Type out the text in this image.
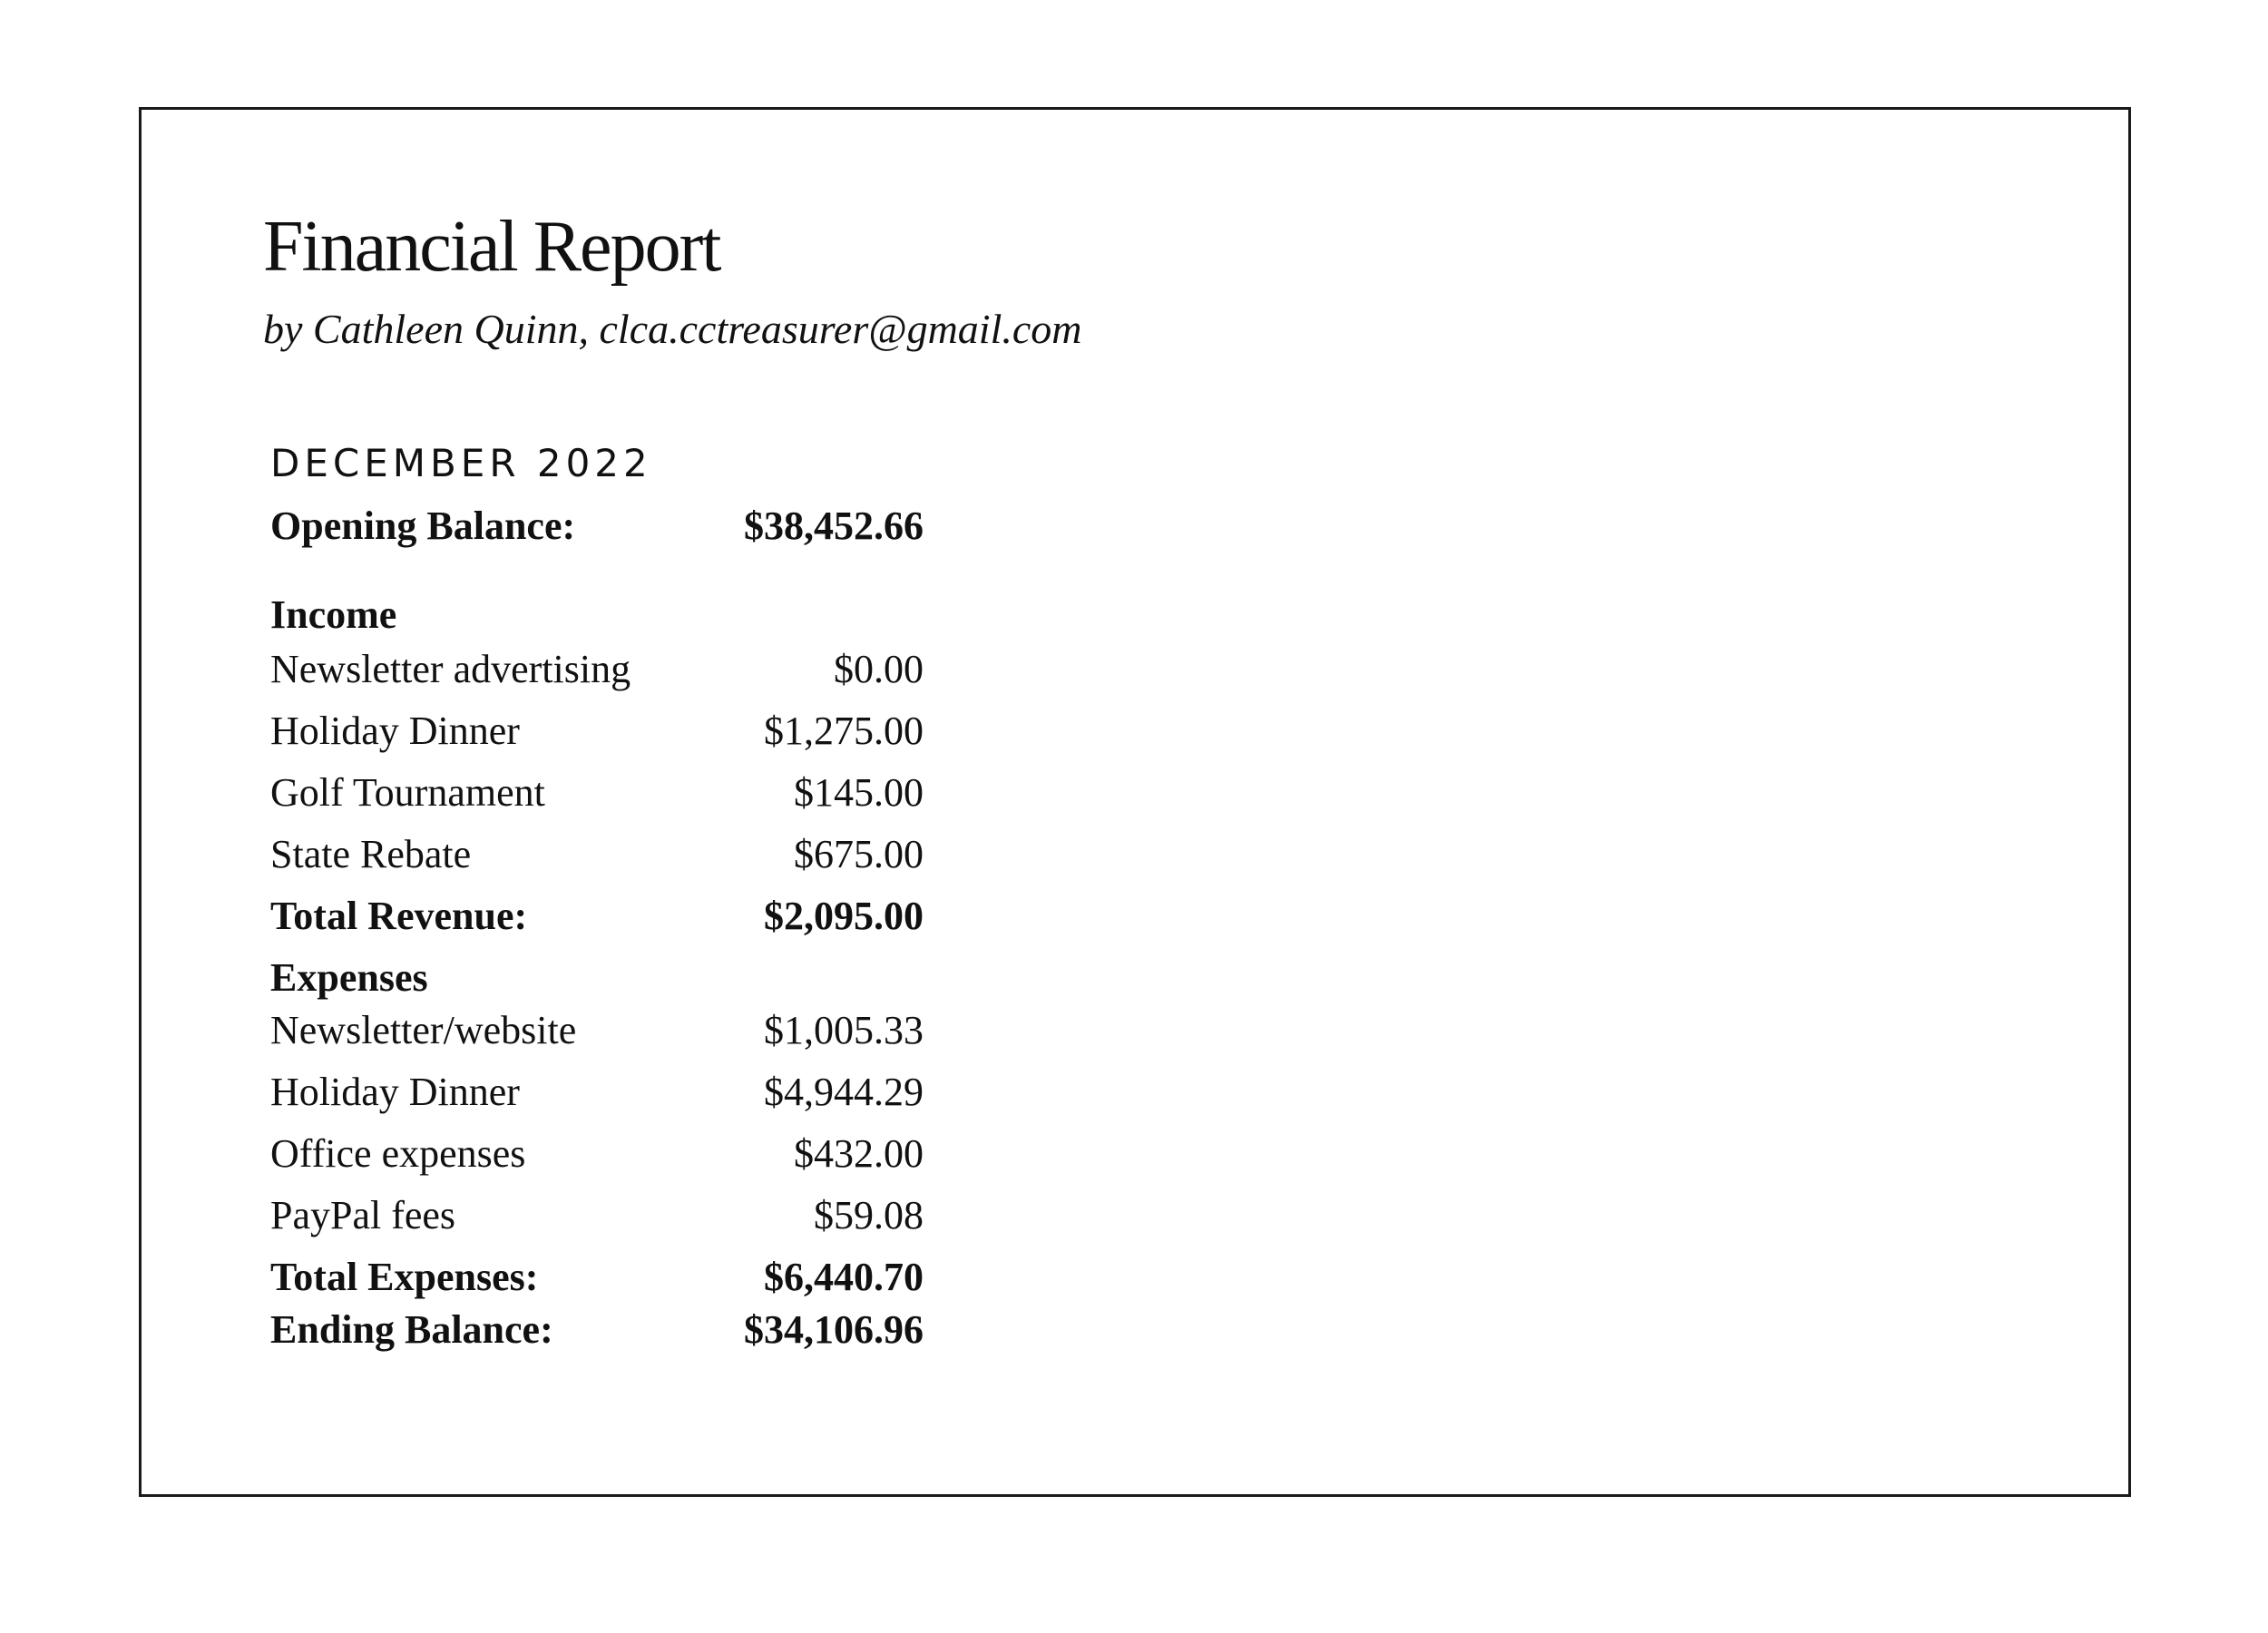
Financial Report
by Cathleen Quinn, clca.cctreasurer@gmail.com
DECEMBER 2022
Opening Balance:	$38,452.66
Income
Newsletter advertising	$0.00
Holiday Dinner	$1,275.00
Golf Tournament	$145.00
State Rebate	$675.00
Total Revenue:	$2,095.00
Expenses
Newsletter/website	$1,005.33
Holiday Dinner	$4,944.29
Office expenses	$432.00
PayPal fees	$59.08
Total Expenses:	$6,440.70
Ending Balance:	$34,106.96
